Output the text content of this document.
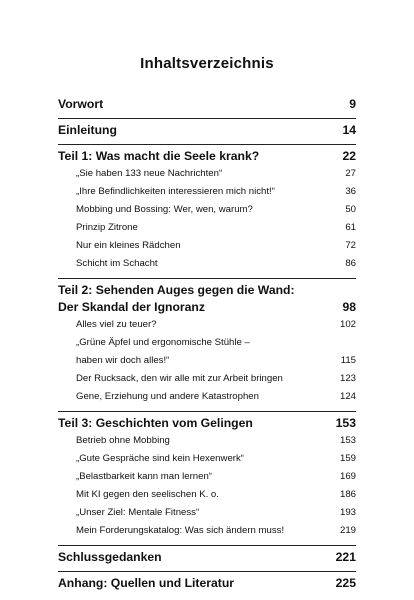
Inhaltsverzeichnis
Vorwort	9
Einleitung	14
Teil 1: Was macht die Seele krank?	22
„Sie haben 133 neue Nachrichten“	27
„Ihre Befindlichkeiten interessieren mich nicht!“	36
Mobbing und Bossing: Wer, wen, warum?	50
Prinzip Zitrone	61
Nur ein kleines Rädchen	72
Schicht im Schacht	86
Teil 2: Sehenden Auges gegen die Wand:
Der Skandal der Ignoranz	98
Alles viel zu teuer?	102
„Grüne Äpfel und ergonomische Stühle –
haben wir doch alles!“	115
Der Rucksack, den wir alle mit zur Arbeit bringen	123
Gene, Erziehung und andere Katastrophen	124
Teil 3: Geschichten vom Gelingen	153
Betrieb ohne Mobbing	153
„Gute Gespräche sind kein Hexenwerk“	159
„Belastbarkeit kann man lernen“	169
Mit KI gegen den seelischen K. o.	186
„Unser Ziel: Mentale Fitness“	193
Mein Forderungskatalog: Was sich ändern muss!	219
Schlussgedanken	221
Anhang: Quellen und Literatur	225
